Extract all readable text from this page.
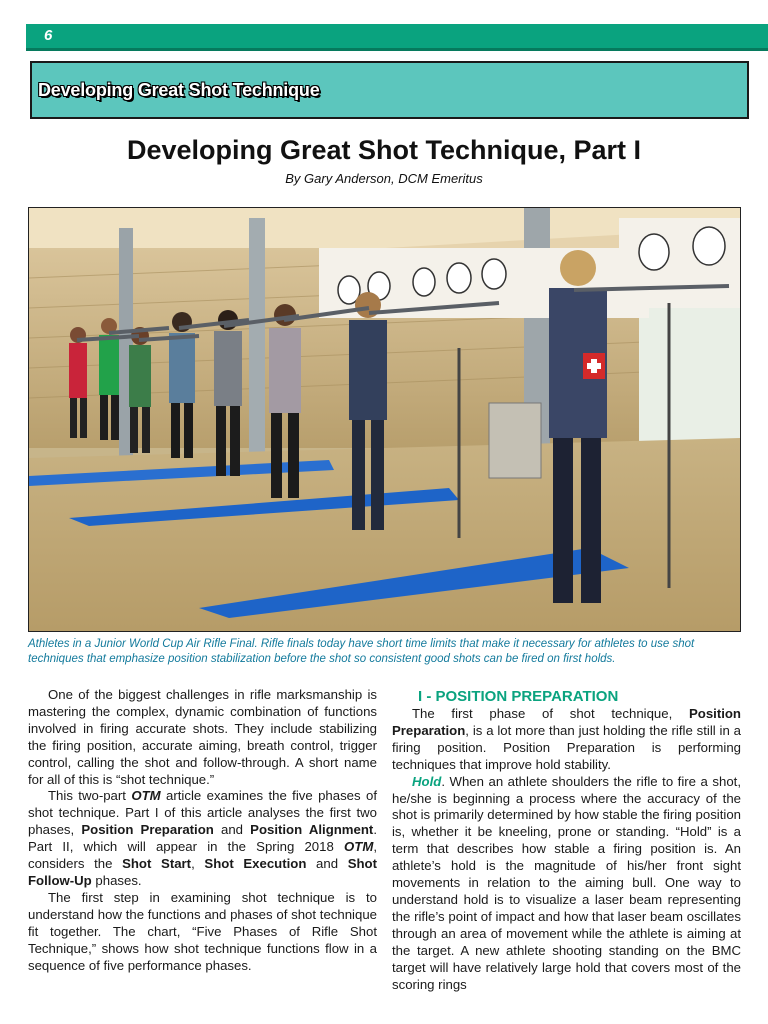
6
Developing Great Shot Technique
Developing Great Shot Technique, Part I
By Gary Anderson, DCM Emeritus
Athletes in a Junior World Cup Air Rifle Final. Rifle finals today have short time limits that make it necessary for athletes to use shot techniques that emphasize position stabilization before the shot so consistent good shots can be fired on first holds.

One of the biggest challenges in rifle marksmanship is mastering the complex, dynamic combination of functions involved in firing accurate shots. They include stabilizing the firing position, accurate aiming, breath control, trigger control, calling the shot and follow-through. A short name for all of this is “shot technique.”

This two-part OTM article examines the five phases of shot technique. Part I of this article analyses the first two phases, Position Preparation and Position Alignment. Part II, which will appear in the Spring 2018 OTM, considers the Shot Start, Shot Execution and Shot Follow-Up phases.

The first step in examining shot technique is to understand how the functions and phases of shot technique fit together. The chart, “Five Phases of Rifle Shot Technique,” shows how shot technique functions flow in a sequence of five performance phases.

I - POSITION PREPARATION

The first phase of shot technique, Position Preparation, is a lot more than just holding the rifle still in a firing position. Position Preparation is performing techniques that improve hold stability.

Hold. When an athlete shoulders the rifle to fire a shot, he/she is beginning a process where the accuracy of the shot is primarily determined by how stable the firing position is, whether it be kneeling, prone or standing. “Hold” is a term that describes how stable a firing position is. An athlete’s hold is the magnitude of his/her front sight movements in relation to the aiming bull. One way to understand hold is to visualize a laser beam representing the rifle’s point of impact and how that laser beam oscillates through an area of movement while the athlete is aiming at the target. A new athlete shooting standing on the BMC target will have relatively large hold that covers most of the scoring rings
